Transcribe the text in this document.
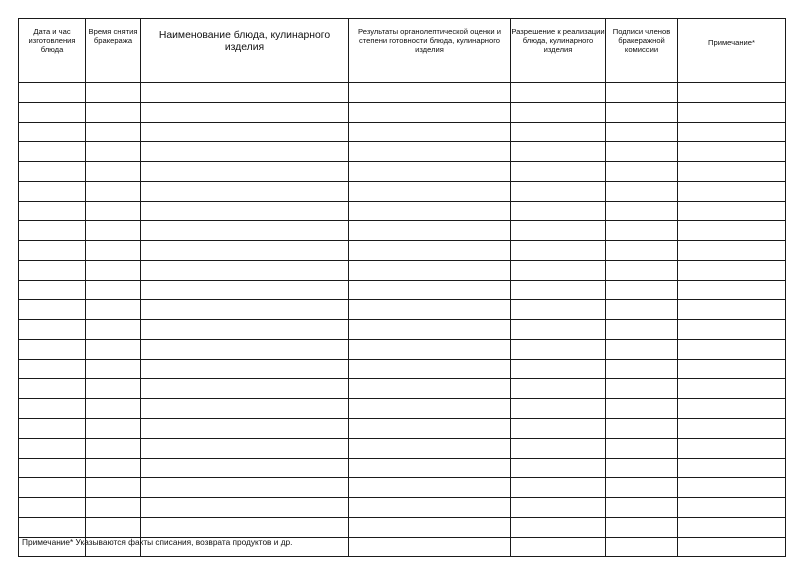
Дата и час изготовления блюда	Время снятия бракеража	Наименование блюда, кулинарного изделия	Результаты органолептической оценки и степени готовности блюда, кулинарного изделия	Разрешение к реализации блюда, кулинарного изделия	Подписи членов бракеражной комиссии	Примечание*

Примечание* Указываются факты списания, возврата продуктов и др.
